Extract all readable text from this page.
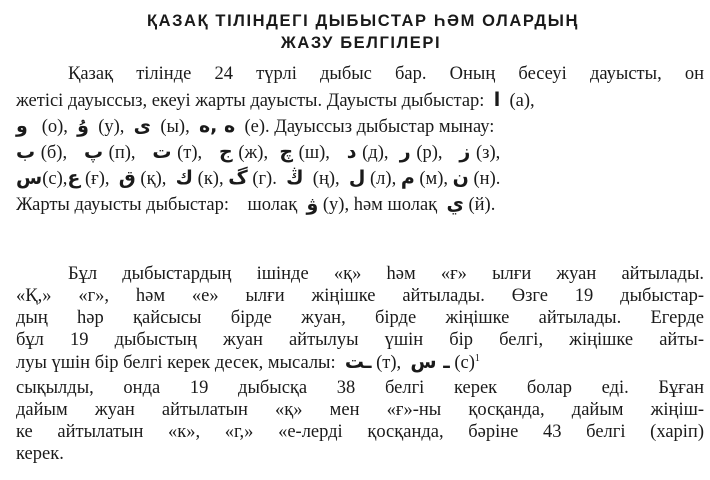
ҚАЗАҚ ТІЛІНДЕГІ ДЫБЫСТАР ҺӘМ ОЛАРДЫҢ
ЖАЗУ БЕЛГІЛЕРІ
Қазақ тілінде 24 түрлі дыбыс бар. Оның бесеуі дауысты, он
жетісі дауыссыз, екеуі жарты дауысты. Дауысты дыбыстар: ا (а),
و (о), ۇ (у), ى (ы), ە ,ە (е). Дауыссыз дыбыстар мынау:
ب (б), پ (п), ت (т), ج (ж), چ (ш), د (д), ر (р), ز (з),
س(с),ع (ғ), ق (қ), ك (к), گ (г). ڭ (ң), ل (л), م (м), ن (н).
Жарты дауысты дыбыстар: шолақ ۋ (у), һәм шолақ ي (й).
Бұл дыбыстардың ішінде «қ» һәм «ғ» ылғи жуан айтылады.
«Қ,» «г», һәм «е» ылғи жіңішке айтылады. Өзге 19 дыбыстар-
дың һәр қайсысы бірде жуан, бірде жіңішке айтылады. Егерде
бұл 19 дыбыстың жуан айтылуы үшін бір белгі, жіңішке айты-
луы үшін бір белгі керек десек, мысалы: ـت (т), ـ س $(с)^1$
сықылды, онда 19 дыбысқа 38 белгі керек болар еді. Бұған
дайым жуан айтылатын «қ» мен «ғ»-ны қосқанда, дайым жіңіш-
ке айтылатын «к», «г,» «е-лерді қосқанда, бәріне 43 белгі (харіп)
керек.
